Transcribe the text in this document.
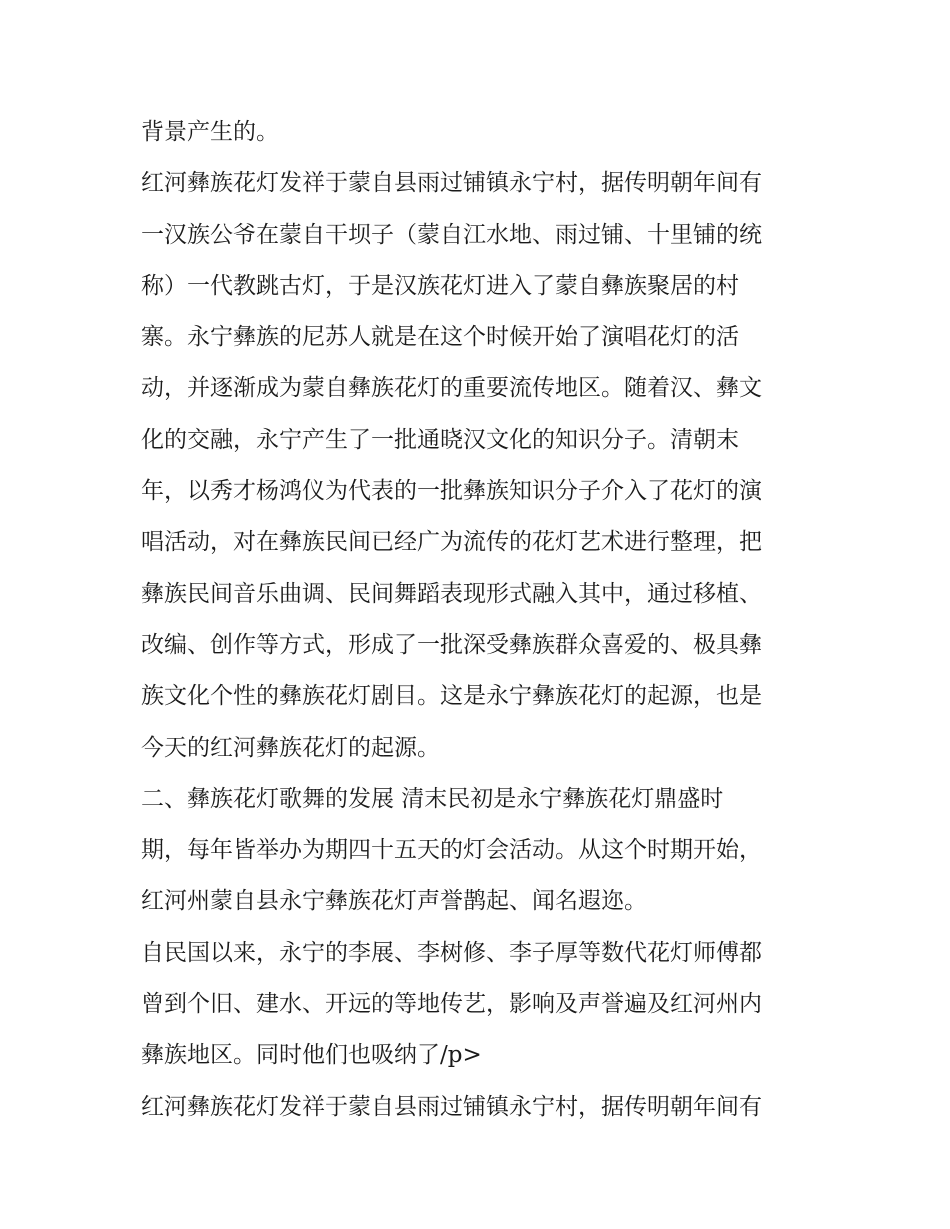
背景产生的。
红河彝族花灯发祥于蒙自县雨过铺镇永宁村，据传明朝年间有
一汉族公爷在蒙自干坝子（蒙自江水地、雨过铺、十里铺的统
称）一代教跳古灯，于是汉族花灯进入了蒙自彝族聚居的村
寨。永宁彝族的尼苏人就是在这个时候开始了演唱花灯的活
动，并逐渐成为蒙自彝族花灯的重要流传地区。随着汉、彝文
化的交融，永宁产生了一批通晓汉文化的知识分子。清朝末
年，以秀才杨鸿仪为代表的一批彝族知识分子介入了花灯的演
唱活动，对在彝族民间已经广为流传的花灯艺术进行整理，把
彝族民间音乐曲调、民间舞蹈表现形式融入其中，通过移植、
改编、创作等方式，形成了一批深受彝族群众喜爱的、极具彝
族文化个性的彝族花灯剧目。这是永宁彝族花灯的起源，也是
今天的红河彝族花灯的起源。
二、彝族花灯歌舞的发展 清末民初是永宁彝族花灯鼎盛时
期，每年皆举办为期四十五天的灯会活动。从这个时期开始，
红河州蒙自县永宁彝族花灯声誉鹊起、闻名遐迩。
自民国以来，永宁的李展、李树修、李子厚等数代花灯师傅都
曾到个旧、建水、开远的等地传艺，影响及声誉遍及红河州内
彝族地区。同时他们也吸纳了/p>
红河彝族花灯发祥于蒙自县雨过铺镇永宁村，据传明朝年间有
